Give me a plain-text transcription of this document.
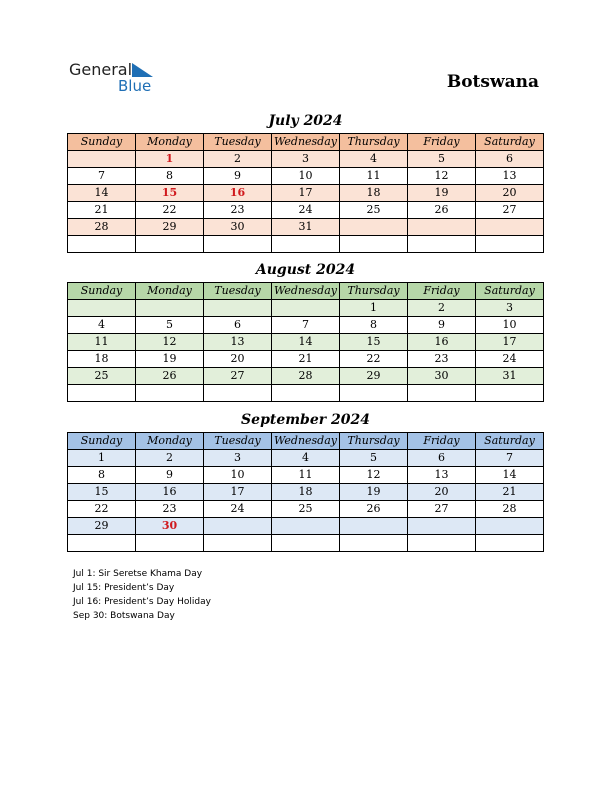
General
Blue	Botswana
July 2024
Sunday	Monday	Tuesday	Wednesday	Thursday	Friday	Saturday
	1	2	3	4	5	6
7	8	9	10	11	12	13
14	15	16	17	18	19	20
21	22	23	24	25	26	27
28	29	30	31			

August 2024
Sunday	Monday	Tuesday	Wednesday	Thursday	Friday	Saturday
				1	2	3
4	5	6	7	8	9	10
11	12	13	14	15	16	17
18	19	20	21	22	23	24
25	26	27	28	29	30	31

September 2024
Sunday	Monday	Tuesday	Wednesday	Thursday	Friday	Saturday
1	2	3	4	5	6	7
8	9	10	11	12	13	14
15	16	17	18	19	20	21
22	23	24	25	26	27	28
29	30					

Jul 1: Sir Seretse Khama Day
Jul 15: President’s Day
Jul 16: President’s Day Holiday
Sep 30: Botswana Day
